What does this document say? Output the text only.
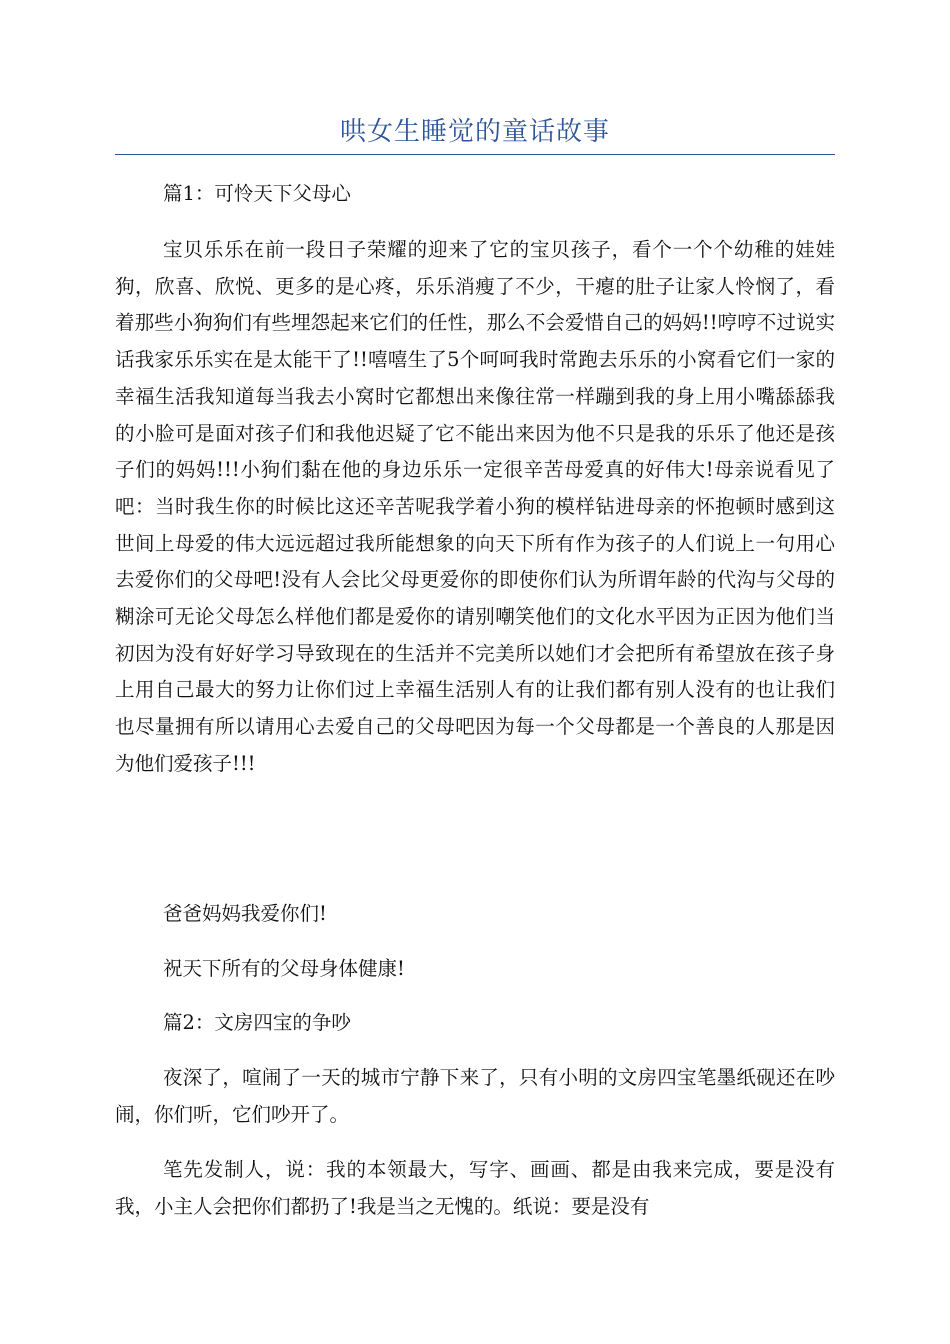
哄女生睡觉的童话故事

篇1：可怜天下父母心

宝贝乐乐在前一段日子荣耀的迎来了它的宝贝孩子，看个一个个幼稚的娃娃狗，欣喜、欣悦、更多的是心疼，乐乐消瘦了不少，干瘪的肚子让家人怜悯了，看着那些小狗狗们有些埋怨起来它们的任性，那么不会爱惜自己的妈妈!!哼哼不过说实话我家乐乐实在是太能干了!!嘻嘻生了5个呵呵我时常跑去乐乐的小窝看它们一家的幸福生活我知道每当我去小窝时它都想出来像往常一样蹦到我的身上用小嘴舔舔我的小脸可是面对孩子们和我他迟疑了它不能出来因为他不只是我的乐乐了他还是孩子们的妈妈!!!小狗们黏在他的身边乐乐一定很辛苦母爱真的好伟大!母亲说看见了吧：当时我生你的时候比这还辛苦呢我学着小狗的模样钻进母亲的怀抱顿时感到这世间上母爱的伟大远远超过我所能想象的向天下所有作为孩子的人们说上一句用心去爱你们的父母吧!没有人会比父母更爱你的即使你们认为所谓年龄的代沟与父母的糊涂可无论父母怎么样他们都是爱你的请别嘲笑他们的文化水平因为正因为他们当初因为没有好好学习导致现在的生活并不完美所以她们才会把所有希望放在孩子身上用自己最大的努力让你们过上幸福生活别人有的让我们都有别人没有的也让我们也尽量拥有所以请用心去爱自己的父母吧因为每一个父母都是一个善良的人那是因为他们爱孩子!!!

爸爸妈妈我爱你们!

祝天下所有的父母身体健康!

篇2：文房四宝的争吵

夜深了，喧闹了一天的城市宁静下来了，只有小明的文房四宝笔墨纸砚还在吵闹，你们听，它们吵开了。

笔先发制人，说：我的本领最大，写字、画画、都是由我来完成，要是没有我，小主人会把你们都扔了!我是当之无愧的。纸说：要是没有
